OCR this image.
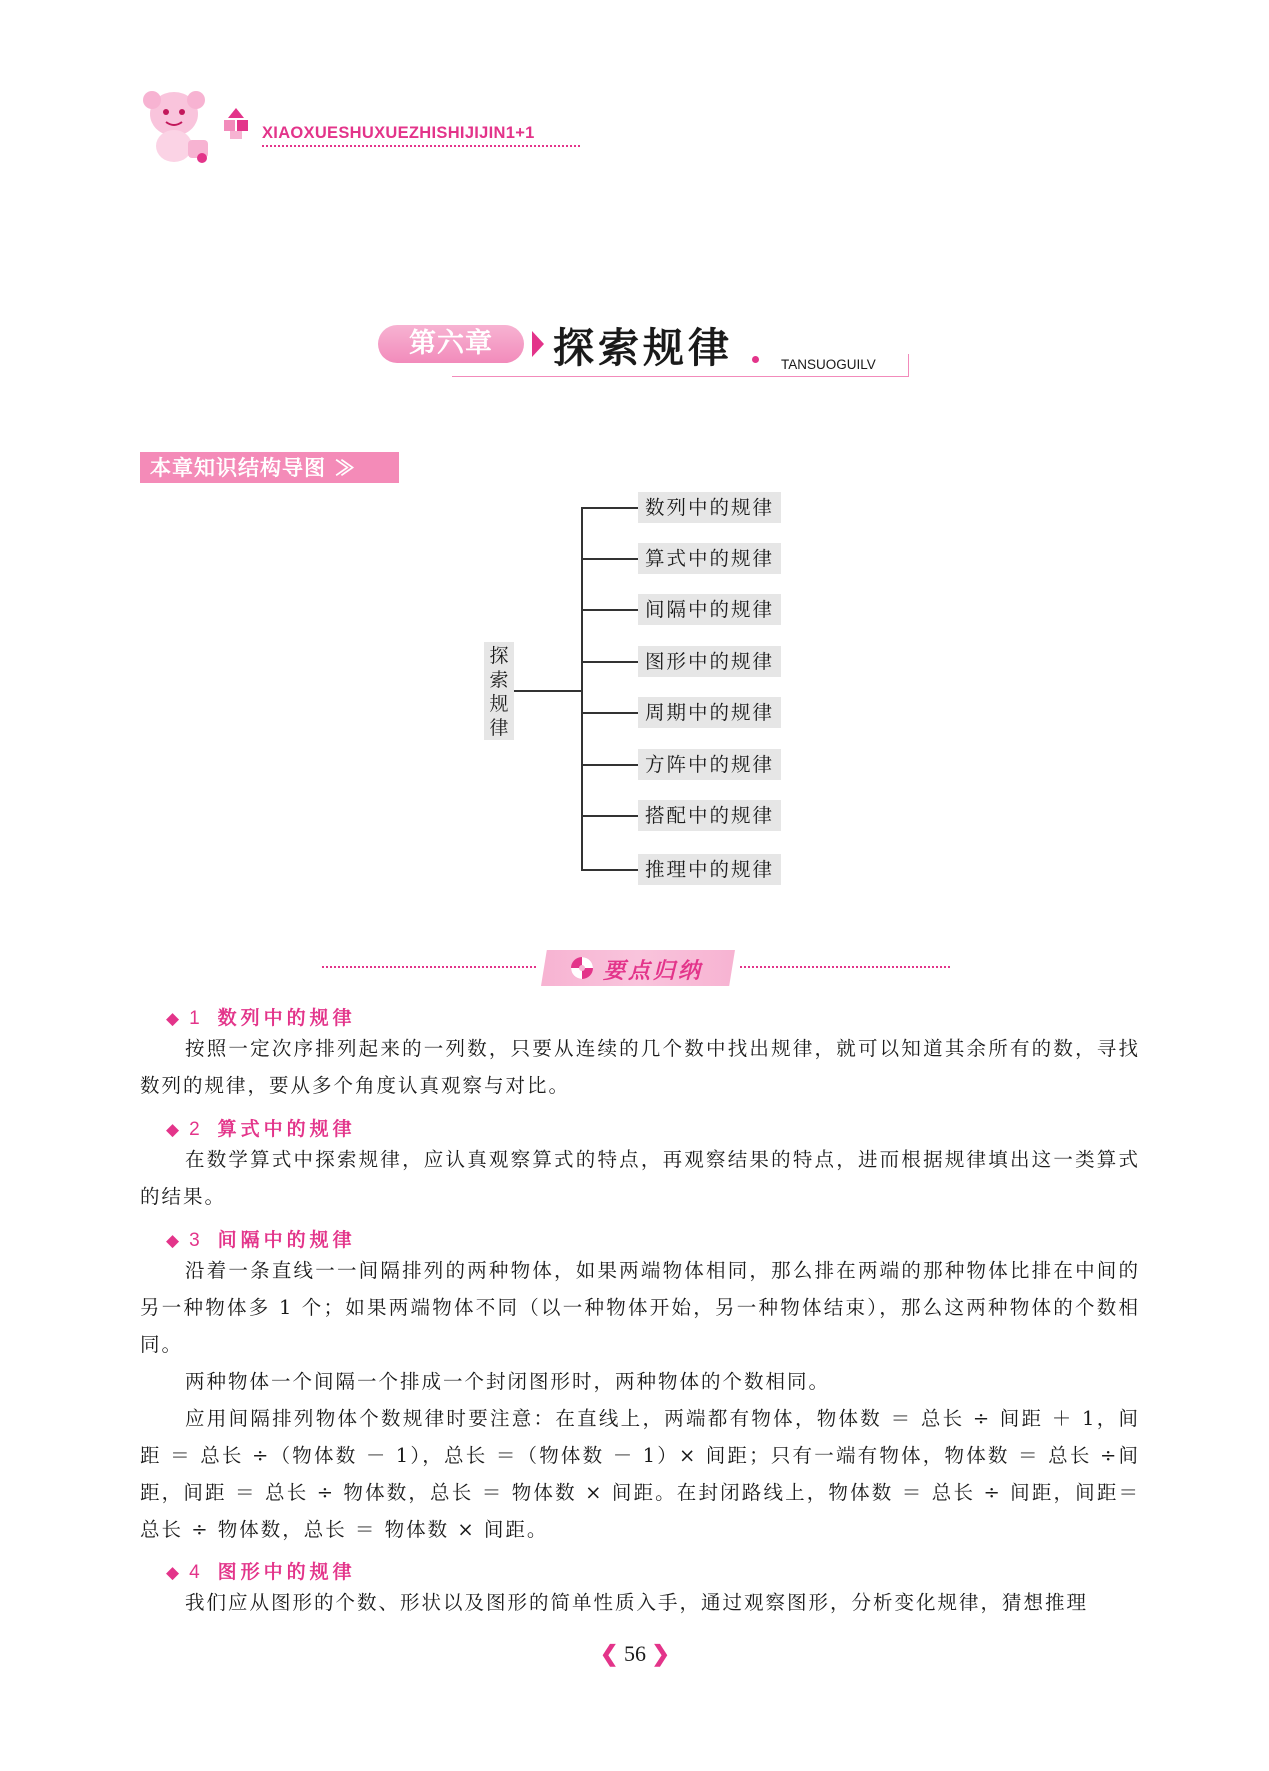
XIAOXUESHUXUEZHISHIJIJIN1+1
第六章	探索规律	TANSUOGUILV
本章知识结构导图 ≫
探索规律
数列中的规律
算式中的规律
间隔中的规律
图形中的规律
周期中的规律
方阵中的规律
搭配中的规律
推理中的规律
要点归纳
◆ 1 数列中的规律
按照一定次序排列起来的一列数，只要从连续的几个数中找出规律，就可以知道其余所有的数，寻找数列的规律，要从多个角度认真观察与对比。
◆ 2 算式中的规律
在数学算式中探索规律，应认真观察算式的特点，再观察结果的特点，进而根据规律填出这一类算式的结果。
◆ 3 间隔中的规律
沿着一条直线一一间隔排列的两种物体，如果两端物体相同，那么排在两端的那种物体比排在中间的另一种物体多 1 个；如果两端物体不同（以一种物体开始，另一种物体结束），那么这两种物体的个数相同。
两种物体一个间隔一个排成一个封闭图形时，两种物体的个数相同。
应用间隔排列物体个数规律时要注意：在直线上，两端都有物体，物体数 ＝ 总长 ÷ 间距 ＋ 1，间距 ＝ 总长 ÷（物体数 － 1），总长 ＝（物体数 － 1）× 间距；只有一端有物体，物体数 ＝ 总长 ÷间距，间距 ＝ 总长 ÷ 物体数，总长 ＝ 物体数 × 间距。在封闭路线上，物体数 ＝ 总长 ÷ 间距，间距＝ 总长 ÷ 物体数，总长 ＝ 物体数 × 间距。
◆ 4 图形中的规律
我们应从图形的个数、形状以及图形的简单性质入手，通过观察图形，分析变化规律，猜想推理
❮ 56 ❯
